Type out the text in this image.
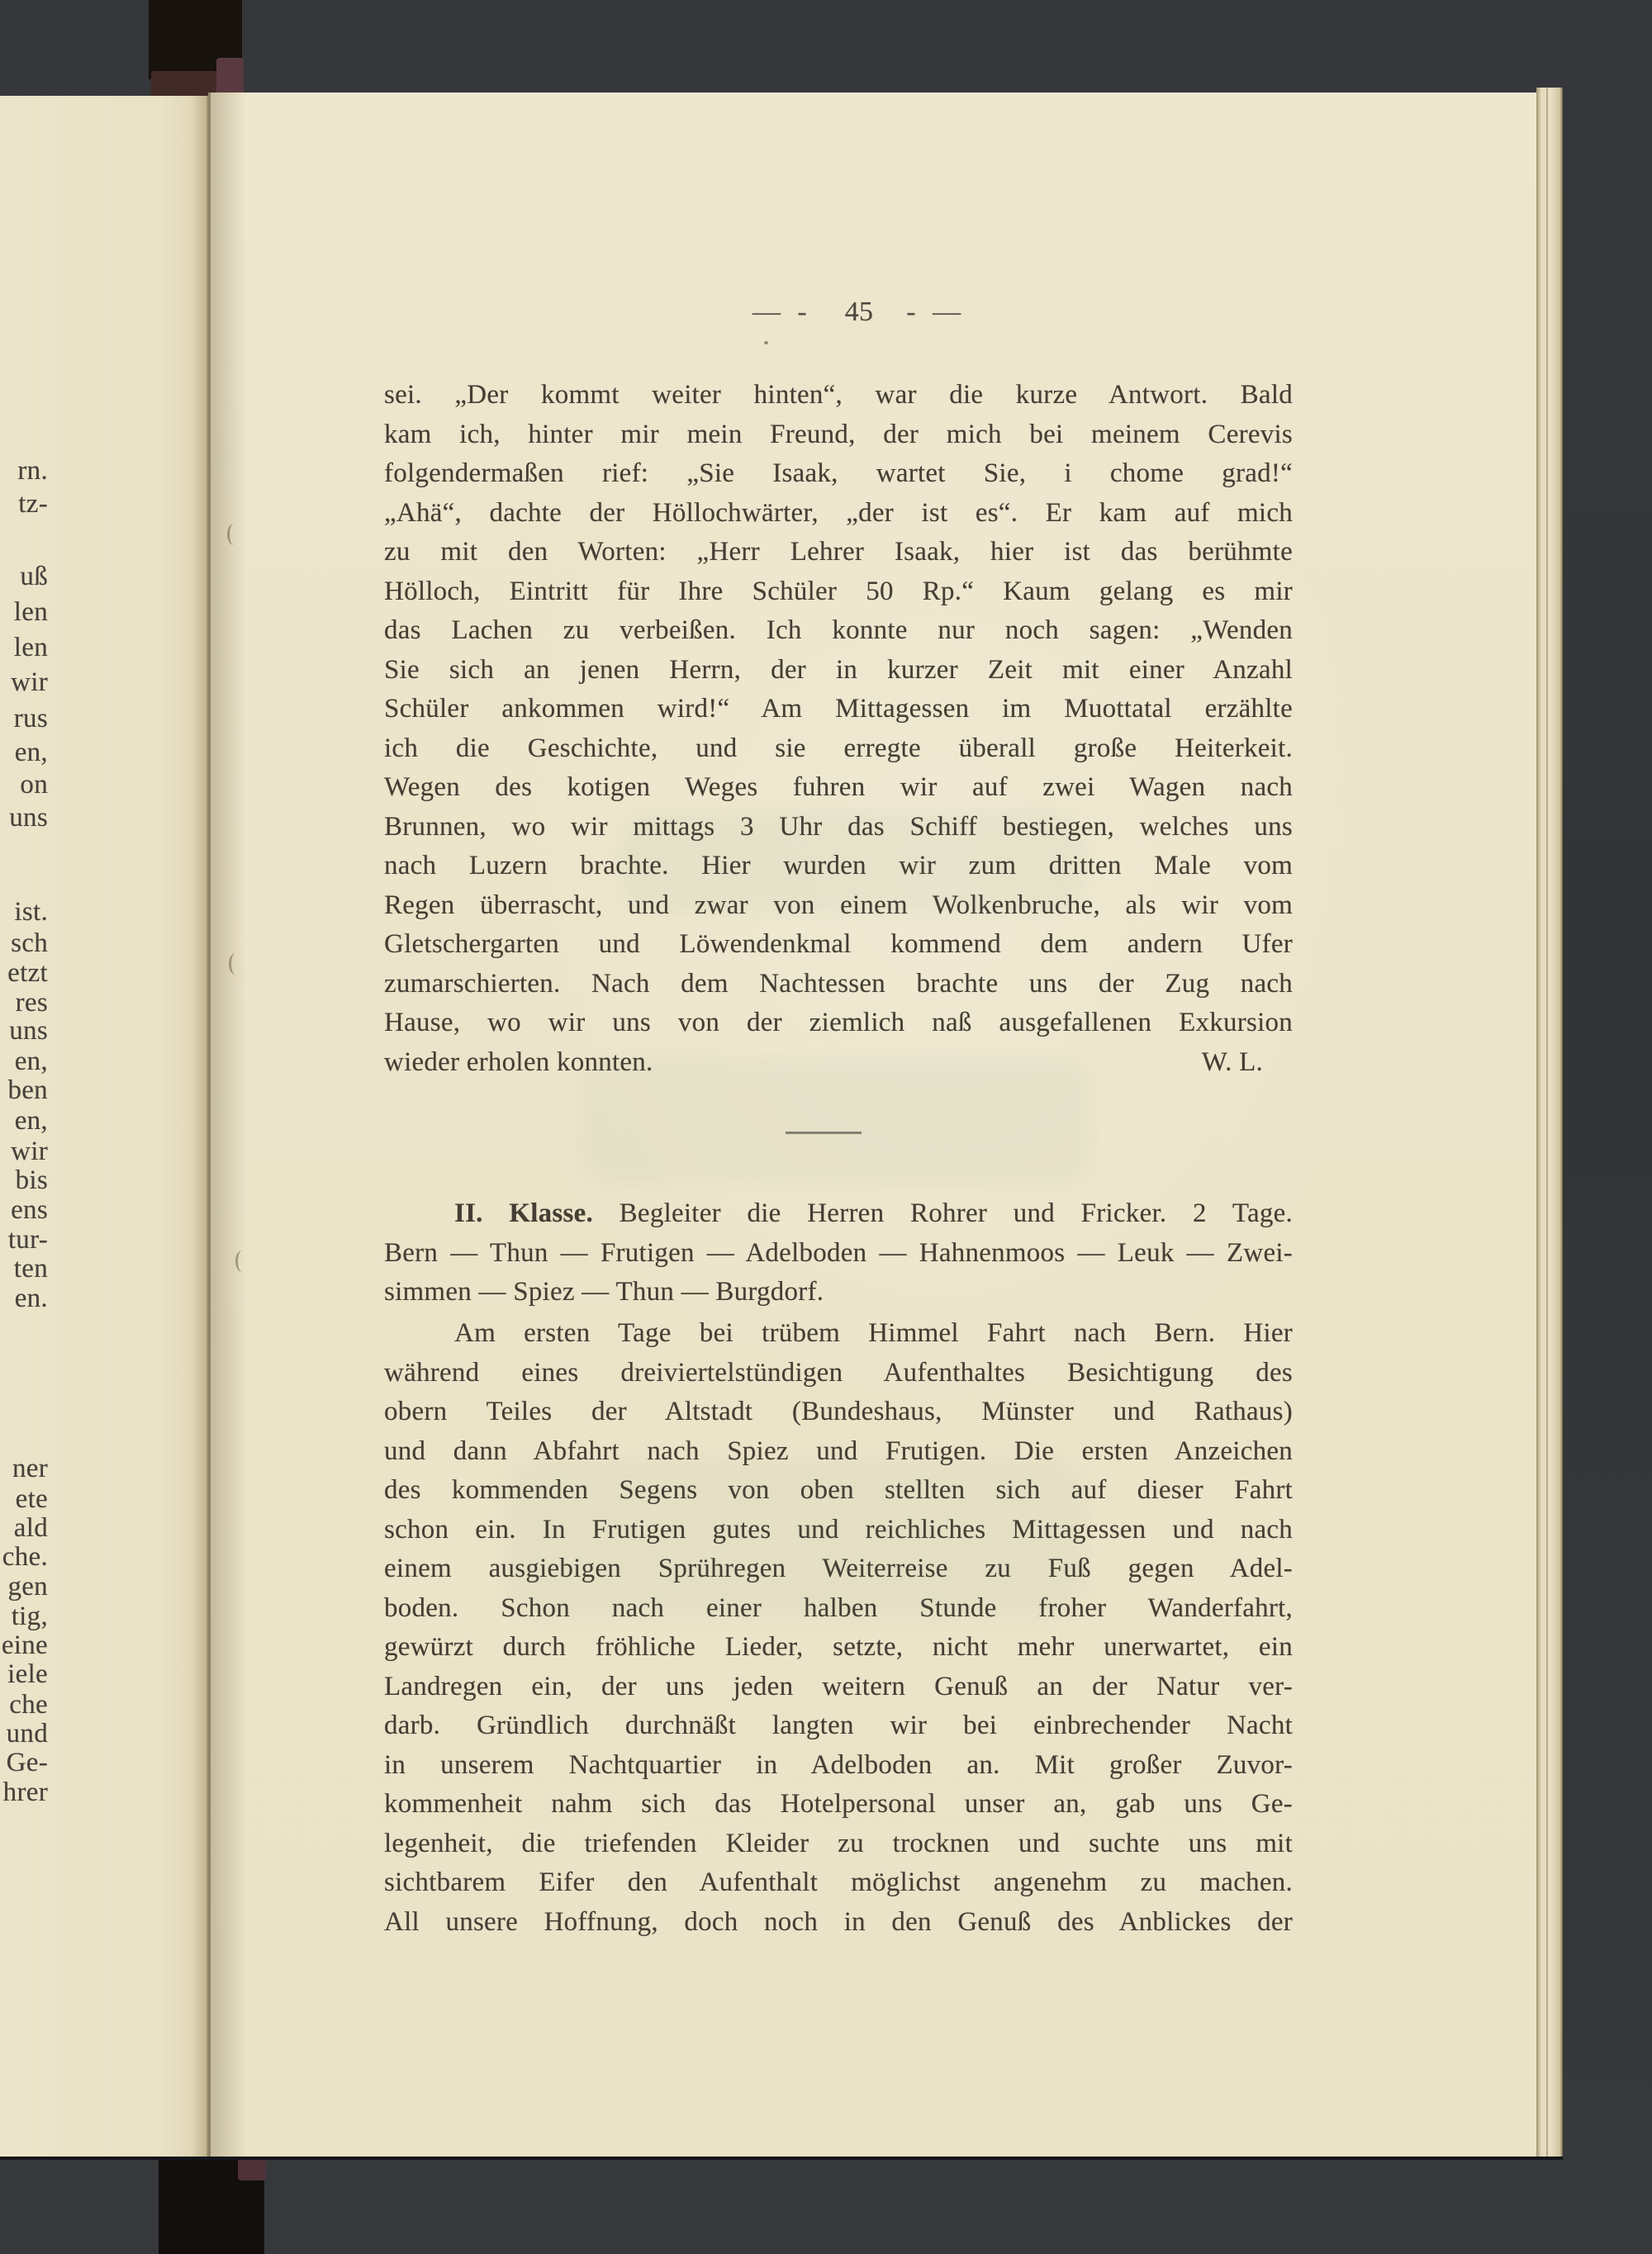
rn.
tz-
uß
len
len
wir
rus
en,
on
uns
ist.
sch
etzt
res
uns
en,
ben
en,
wir
bis
ens
tur-
ten
en.
ner
ete
ald
che.
gen
tig,
eine
iele
che
und
Ge-
hrer
— - 45 - —
sei. „Der kommt weiter hinten“, war die kurze Antwort. Bald
kam ich, hinter mir mein Freund, der mich bei meinem Cerevis
folgendermaßen rief: „Sie Isaak, wartet Sie, i chome grad!“
„Ahä“, dachte der Höllochwärter, „der ist es“. Er kam auf mich
zu mit den Worten: „Herr Lehrer Isaak, hier ist das berühmte
Hölloch, Eintritt für Ihre Schüler 50 Rp.“ Kaum gelang es mir
das Lachen zu verbeißen. Ich konnte nur noch sagen: „Wenden
Sie sich an jenen Herrn, der in kurzer Zeit mit einer Anzahl
Schüler ankommen wird!“ Am Mittagessen im Muottatal erzählte
ich die Geschichte, und sie erregte überall große Heiterkeit.
Wegen des kotigen Weges fuhren wir auf zwei Wagen nach
Brunnen, wo wir mittags 3 Uhr das Schiff bestiegen, welches uns
nach Luzern brachte. Hier wurden wir zum dritten Male vom
Regen überrascht, und zwar von einem Wolkenbruche, als wir vom
Gletschergarten und Löwendenkmal kommend dem andern Ufer
zumarschierten. Nach dem Nachtessen brachte uns der Zug nach
Hause, wo wir uns von der ziemlich naß ausgefallenen Exkursion
wieder erholen konnten.	W. L.
II. Klasse. Begleiter die Herren Rohrer und Fricker. 2 Tage.
Bern — Thun — Frutigen — Adelboden — Hahnenmoos — Leuk — Zwei-
simmen — Spiez — Thun — Burgdorf.
Am ersten Tage bei trübem Himmel Fahrt nach Bern. Hier
während eines dreiviertelstündigen Aufenthaltes Besichtigung des
obern Teiles der Altstadt (Bundeshaus, Münster und Rathaus)
und dann Abfahrt nach Spiez und Frutigen. Die ersten Anzeichen
des kommenden Segens von oben stellten sich auf dieser Fahrt
schon ein. In Frutigen gutes und reichliches Mittagessen und nach
einem ausgiebigen Sprühregen Weiterreise zu Fuß gegen Adel-
boden. Schon nach einer halben Stunde froher Wanderfahrt,
gewürzt durch fröhliche Lieder, setzte, nicht mehr unerwartet, ein
Landregen ein, der uns jeden weitern Genuß an der Natur ver-
darb. Gründlich durchnäßt langten wir bei einbrechender Nacht
in unserem Nachtquartier in Adelboden an. Mit großer Zuvor-
kommenheit nahm sich das Hotelpersonal unser an, gab uns Ge-
legenheit, die triefenden Kleider zu trocknen und suchte uns mit
sichtbarem Eifer den Aufenthalt möglichst angenehm zu machen.
All unsere Hoffnung, doch noch in den Genuß des Anblickes der
